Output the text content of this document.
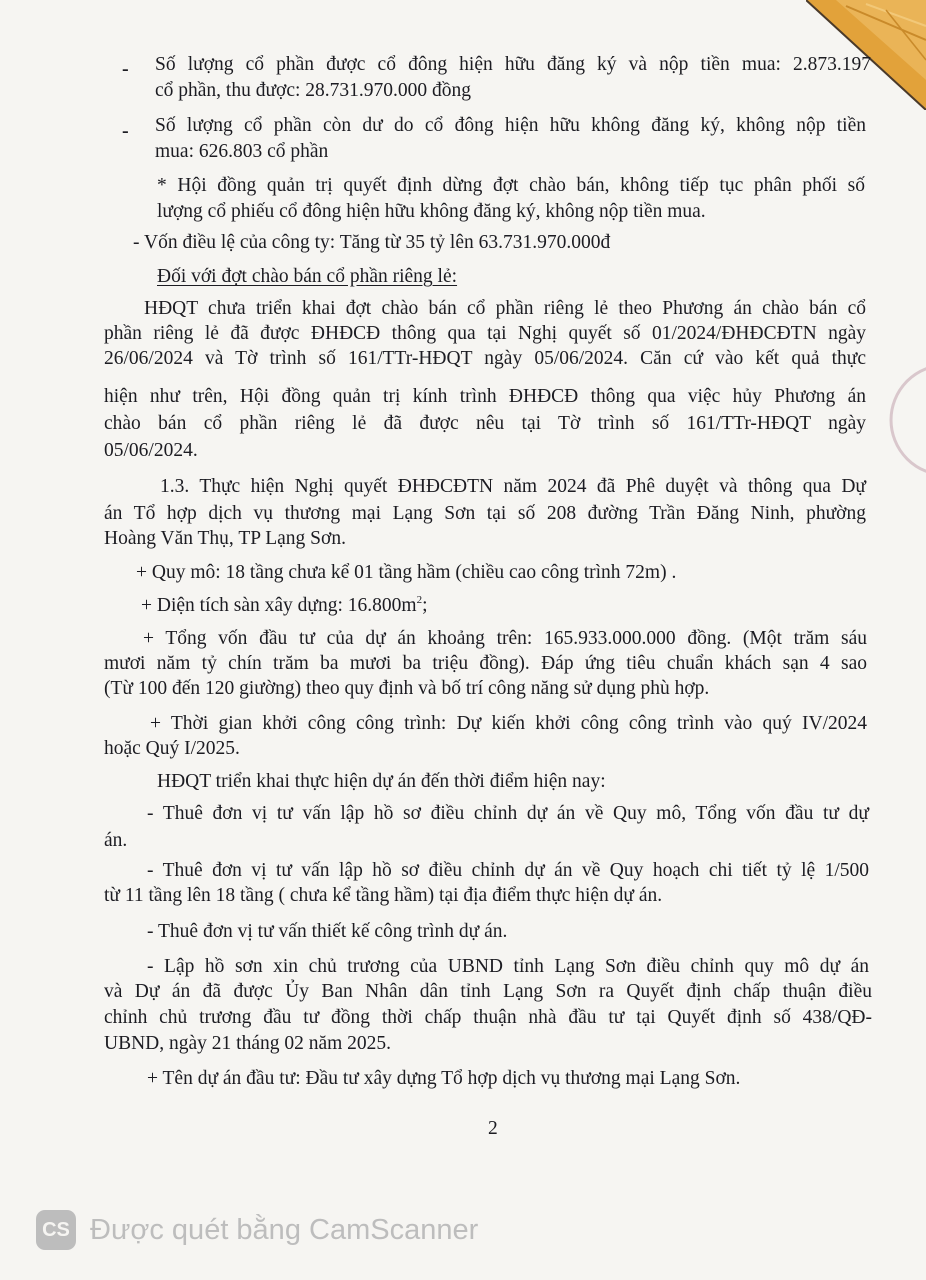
- Số lượng cổ phần được cổ đông hiện hữu đăng ký và nộp tiền mua: 2.873.197
cổ phần, thu được: 28.731.970.000 đồng
- Số lượng cổ phần còn dư do cổ đông hiện hữu không đăng ký, không nộp tiền
mua: 626.803 cổ phần
* Hội đồng quản trị quyết định dừng đợt chào bán, không tiếp tục phân phối số
lượng cổ phiếu cổ đông hiện hữu không đăng ký, không nộp tiền mua.
- Vốn điều lệ của công ty: Tăng từ 35 tỷ lên 63.731.970.000đ
Đối với đợt chào bán cổ phần riêng lẻ:
HĐQT chưa triển khai đợt chào bán cổ phần riêng lẻ theo Phương án chào bán cổ
phần riêng lẻ đã được ĐHĐCĐ thông qua tại Nghị quyết số 01/2024/ĐHĐCĐTN ngày
26/06/2024 và Tờ trình số 161/TTr-HĐQT ngày 05/06/2024. Căn cứ vào kết quả thực
hiện như trên, Hội đồng quản trị kính trình ĐHĐCĐ thông qua việc hủy Phương án
chào bán cổ phần riêng lẻ đã được nêu tại Tờ trình số 161/TTr-HĐQT ngày
05/06/2024.
1.3. Thực hiện Nghị quyết ĐHĐCĐTN năm 2024 đã Phê duyệt và thông qua Dự
án Tổ hợp dịch vụ thương mại Lạng Sơn tại số 208 đường Trần Đăng Ninh, phường
Hoàng Văn Thụ, TP Lạng Sơn.
+ Quy mô: 18 tầng chưa kể 01 tầng hầm (chiều cao công trình 72m) .
+ Diện tích sàn xây dựng: $16.800m^2$;
+ Tổng vốn đầu tư của dự án khoảng trên: 165.933.000.000 đồng. (Một trăm sáu
mươi năm tỷ chín trăm ba mươi ba triệu đồng). Đáp ứng tiêu chuẩn khách sạn 4 sao
(Từ 100 đến 120 giường) theo quy định và bố trí công năng sử dụng phù hợp.
+ Thời gian khởi công công trình: Dự kiến khởi công công trình vào quý IV/2024
hoặc Quý I/2025.
HĐQT triển khai thực hiện dự án đến thời điểm hiện nay:
- Thuê đơn vị tư vấn lập hồ sơ điều chỉnh dự án về Quy mô, Tổng vốn đầu tư dự
án.
- Thuê đơn vị tư vấn lập hồ sơ điều chỉnh dự án về Quy hoạch chi tiết tỷ lệ 1/500
từ 11 tầng lên 18 tầng ( chưa kể tầng hầm) tại địa điểm thực hiện dự án.
- Thuê đơn vị tư vấn thiết kế công trình dự án.
- Lập hồ sơn xin chủ trương của UBND tỉnh Lạng Sơn điều chỉnh quy mô dự án
và Dự án đã được Ủy Ban Nhân dân tỉnh Lạng Sơn ra Quyết định chấp thuận điều
chỉnh chủ trương đầu tư đồng thời chấp thuận nhà đầu tư tại Quyết định số 438/QĐ-
UBND, ngày 21 tháng 02 năm 2025.
+ Tên dự án đầu tư: Đầu tư xây dựng Tổ hợp dịch vụ thương mại Lạng Sơn.
2
CS Được quét bằng CamScanner
